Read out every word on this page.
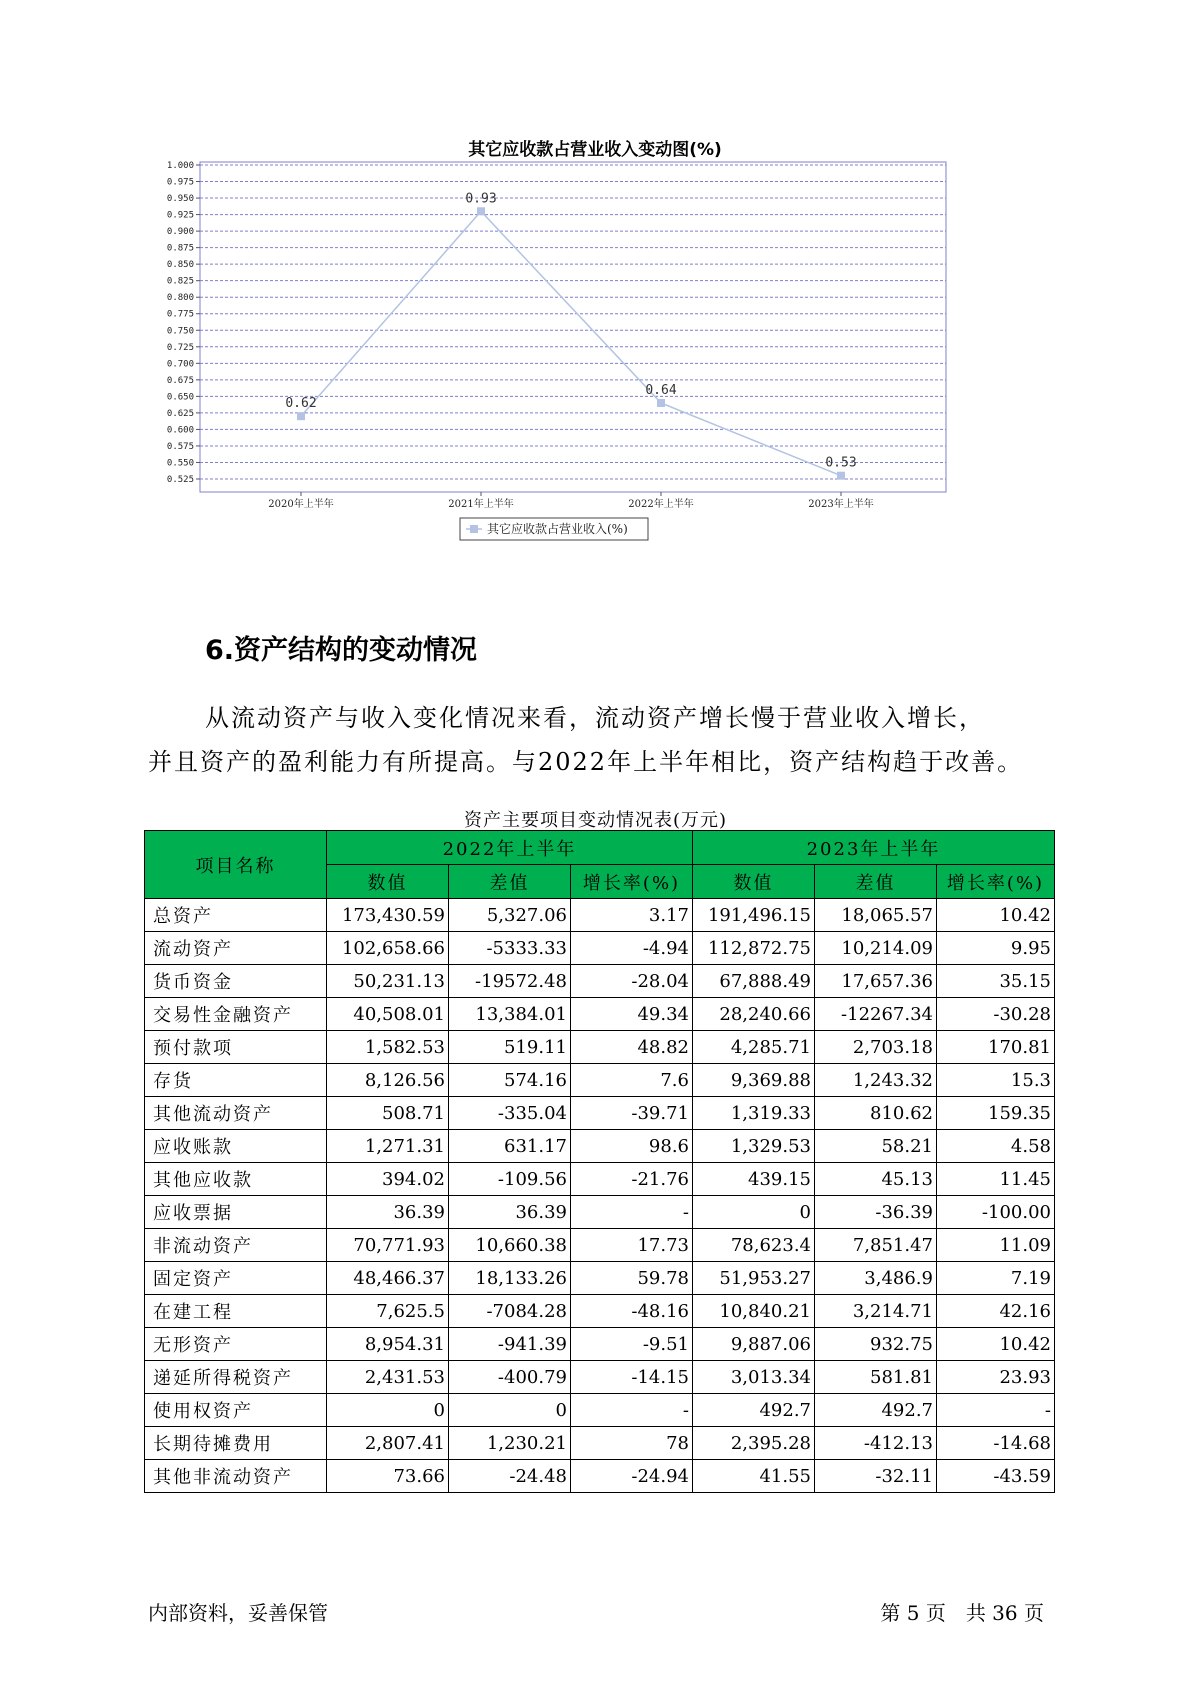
其它应收款占营业收入变动图(%)
1.000
0.975
0.950
0.925
0.900
0.875
0.850
0.825
0.800
0.775
0.750
0.725
0.700
0.675
0.650
0.625
0.600
0.575
0.550
0.525
2020年上半年	2021年上半年	2022年上半年	2023年上半年
0.62
0.93
0.64
0.53
其它应收款占营业收入(%)
6.资产结构的变动情况
从流动资产与收入变化情况来看，流动资产增长慢于营业收入增长，
并且资产的盈利能力有所提高。与2022年上半年相比，资产结构趋于改善。
资产主要项目变动情况表(万元)
项目名称	2022年上半年			2023年上半年		
	数值	差值	增长率(%)	数值	差值	增长率(%)
总资产	173,430.59	5,327.06	3.17	191,496.15	18,065.57	10.42
流动资产	102,658.66	-5333.33	-4.94	112,872.75	10,214.09	9.95
货币资金	50,231.13	-19572.48	-28.04	67,888.49	17,657.36	35.15
交易性金融资产	40,508.01	13,384.01	49.34	28,240.66	-12267.34	-30.28
预付款项	1,582.53	519.11	48.82	4,285.71	2,703.18	170.81
存货	8,126.56	574.16	7.6	9,369.88	1,243.32	15.3
其他流动资产	508.71	-335.04	-39.71	1,319.33	810.62	159.35
应收账款	1,271.31	631.17	98.6	1,329.53	58.21	4.58
其他应收款	394.02	-109.56	-21.76	439.15	45.13	11.45
应收票据	36.39	36.39	-	0	-36.39	-100.00
非流动资产	70,771.93	10,660.38	17.73	78,623.4	7,851.47	11.09
固定资产	48,466.37	18,133.26	59.78	51,953.27	3,486.9	7.19
在建工程	7,625.5	-7084.28	-48.16	10,840.21	3,214.71	42.16
无形资产	8,954.31	-941.39	-9.51	9,887.06	932.75	10.42
递延所得税资产	2,431.53	-400.79	-14.15	3,013.34	581.81	23.93
使用权资产	0	0	-	492.7	492.7	-
长期待摊费用	2,807.41	1,230.21	78	2,395.28	-412.13	-14.68
其他非流动资产	73.66	-24.48	-24.94	41.55	-32.11	-43.59
内部资料，妥善保管	第 5 页　共 36 页
